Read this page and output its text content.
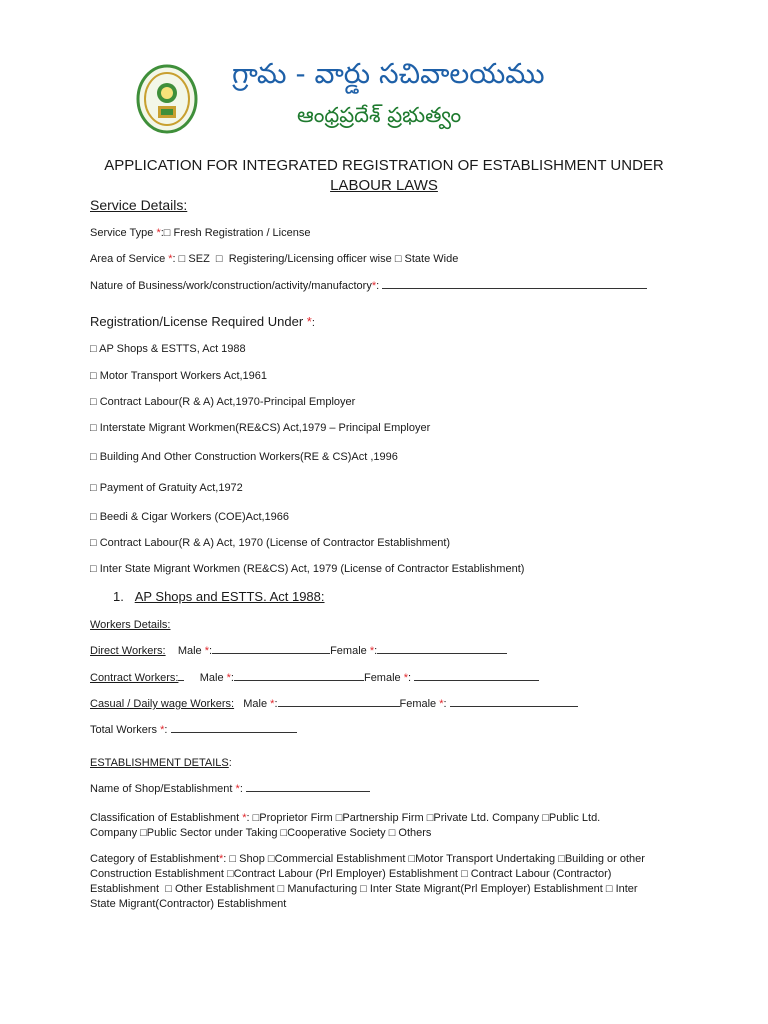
గ్రామ - వార్డు సచివాలయము
ఆంధ్రప్రదేశ్ ప్రభుత్వం
APPLICATION FOR INTEGRATED REGISTRATION OF ESTABLISHMENT UNDER
LABOUR LAWS
Service Details:
Service Type *: □ Fresh Registration / License
Area of Service *: □ SEZ □ Registering/Licensing officer wise □ State Wide
Nature of Business/work/construction/activity/manufactory*:
Registration/License Required Under *:
□ AP Shops & ESTTS, Act 1988
□ Motor Transport Workers Act,1961
□ Contract Labour(R & A) Act,1970-Principal Employer
□ Interstate Migrant Workmen(RE&CS) Act,1979 – Principal Employer
□ Building And Other Construction Workers(RE & CS)Act ,1996
□ Payment of Gratuity Act,1972
□ Beedi & Cigar Workers (COE)Act,1966
□ Contract Labour(R & A) Act, 1970 (License of Contractor Establishment)
□ Inter State Migrant Workmen (RE&CS) Act, 1979 (License of Contractor Establishment)
1. AP Shops and ESTTS. Act 1988:
Workers Details:
Direct Workers: Male *:	Female *:
Contract Workers: Male *:	Female *:
Casual / Daily wage Workers: Male *:	Female *:
Total Workers *:
ESTABLISHMENT DETAILS:
Name of Shop/Establishment *:
Classification of Establishment *: □ Proprietor Firm □ Partnership Firm □ Private Ltd. Company □ Public Ltd. Company □ Public Sector under Taking □ Cooperative Society □ Others
Category of Establishment*: □ Shop □ Commercial Establishment □ Motor Transport Undertaking □ Building or other Construction Establishment □ Contract Labour (Prl Employer) Establishment □ Contract Labour (Contractor) Establishment □ Other Establishment □ Manufacturing □ Inter State Migrant(Prl Employer) Establishment □ Inter State Migrant(Contractor) Establishment
